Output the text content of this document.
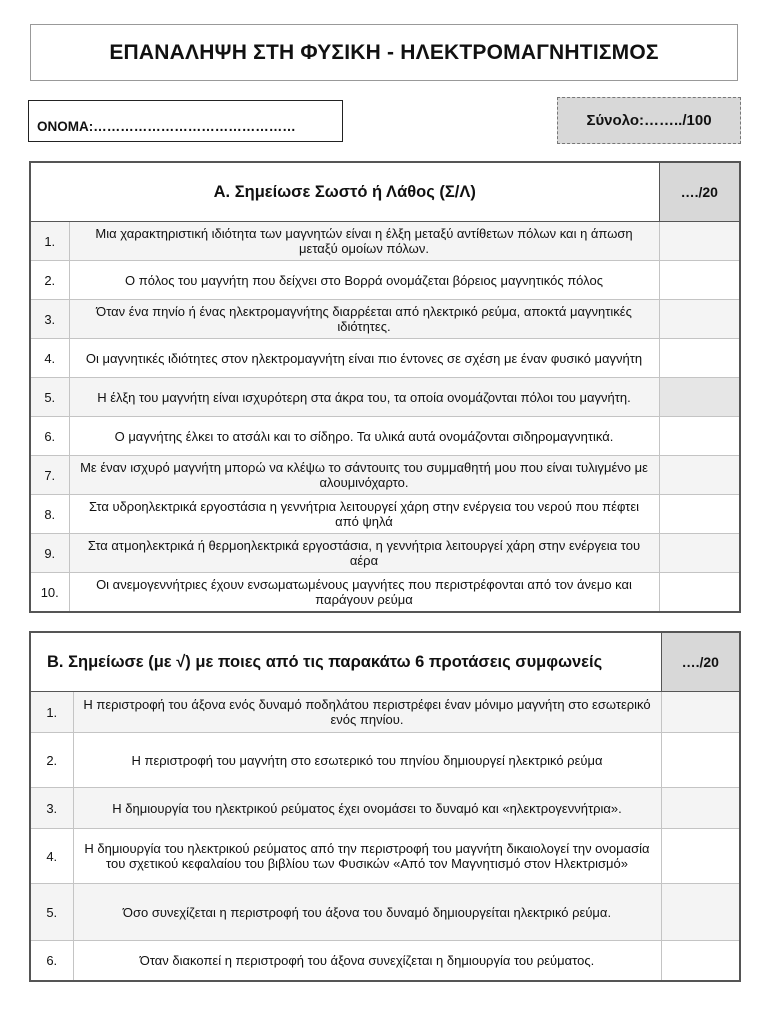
ΕΠΑΝΑΛΗΨΗ ΣΤΗ ΦΥΣΙΚΗ - ΗΛΕΚΤΡΟΜΑΓΝΗΤΙΣΜΟΣ
ΟΝΟΜΑ:………………………………………	Σύνολο:……../100
Α. Σημείωσε Σωστό ή Λάθος (Σ/Λ)		…./20
1.	Μια χαρακτηριστική ιδιότητα των μαγνητών είναι η έλξη μεταξύ αντίθετων πόλων και η άπωση μεταξύ ομοίων πόλων.	
2.	Ο πόλος του μαγνήτη που δείχνει στο Βορρά ονομάζεται βόρειος μαγνητικός πόλος	
3.	Όταν ένα πηνίο ή ένας ηλεκτρομαγνήτης διαρρέεται από ηλεκτρικό ρεύμα, αποκτά μαγνητικές ιδιότητες.	
4.	Οι μαγνητικές ιδιότητες στον ηλεκτρομαγνήτη είναι πιο έντονες σε σχέση με έναν φυσικό μαγνήτη	
5.	Η έλξη του μαγνήτη είναι ισχυρότερη στα άκρα του, τα οποία ονομάζονται πόλοι του μαγνήτη.	
6.	Ο μαγνήτης έλκει το ατσάλι και το σίδηρο. Τα υλικά αυτά ονομάζονται σιδηρομαγνητικά.	
7.	Με έναν ισχυρό μαγνήτη μπορώ να κλέψω το σάντουιτς του συμμαθητή μου που είναι τυλιγμένο με αλουμινόχαρτο.	
8.	Στα υδροηλεκτρικά εργοστάσια η γεννήτρια λειτουργεί χάρη στην ενέργεια του νερού που πέφτει από ψηλά	
9.	Στα ατμοηλεκτρικά ή θερμοηλεκτρικά εργοστάσια, η γεννήτρια λειτουργεί χάρη στην ενέργεια του αέρα	
10.	Οι ανεμογεννήτριες έχουν ενσωματωμένους μαγνήτες που περιστρέφονται από τον άνεμο και παράγουν ρεύμα	
Β. Σημείωσε (με √) με ποιες από τις παρακάτω 6 προτάσεις συμφωνείς		…./20
1.	Η περιστροφή του άξονα ενός δυναμό ποδηλάτου περιστρέφει έναν μόνιμο μαγνήτη στο εσωτερικό ενός πηνίου.	
2.	Η περιστροφή του μαγνήτη στο εσωτερικό του πηνίου δημιουργεί ηλεκτρικό ρεύμα	
3.	Η δημιουργία του ηλεκτρικού ρεύματος έχει ονομάσει το δυναμό και «ηλεκτρογεννήτρια».	
4.	Η δημιουργία του ηλεκτρικού ρεύματος από την περιστροφή του μαγνήτη δικαιολογεί την ονομασία του σχετικού κεφαλαίου του βιβλίου των Φυσικών «Από τον Μαγνητισμό στον Ηλεκτρισμό»	
5.	Όσο συνεχίζεται η περιστροφή του άξονα του δυναμό δημιουργείται ηλεκτρικό ρεύμα.	
6.	Όταν διακοπεί η περιστροφή του άξονα συνεχίζεται η δημιουργία του ρεύματος.	
